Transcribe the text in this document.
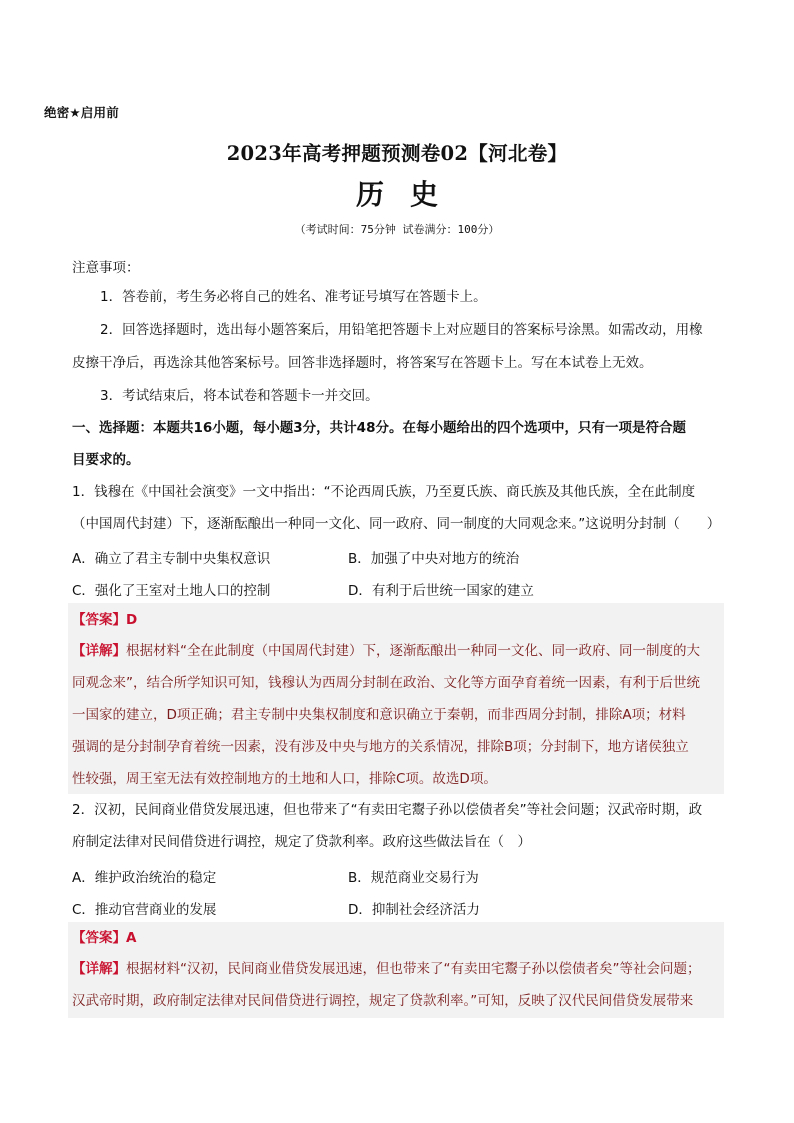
绝密★启用前
2023年高考押题预测卷02【河北卷】
历史
（考试时间：75分钟 试卷满分：100分）
注意事项：
1．答卷前，考生务必将自己的姓名、准考证号填写在答题卡上。
2．回答选择题时，选出每小题答案后，用铅笔把答题卡上对应题目的答案标号涂黑。如需改动，用橡
皮擦干净后，再选涂其他答案标号。回答非选择题时，将答案写在答题卡上。写在本试卷上无效。
3．考试结束后，将本试卷和答题卡一并交回。
一、选择题：本题共16小题，每小题3分，共计48分。在每小题给出的四个选项中，只有一项是符合题
目要求的。
1．钱穆在《中国社会演变》一文中指出：“不论西周氏族，乃至夏氏族、商氏族及其他氏族，全在此制度
（中国周代封建）下，逐渐酝酿出一种同一文化、同一政府、同一制度的大同观念来。”这说明分封制（　　）
A．确立了君主专制中央集权意识	B．加强了中央对地方的统治
C．强化了王室对土地人口的控制	D．有利于后世统一国家的建立
【答案】D
【详解】根据材料“全在此制度（中国周代封建）下，逐渐酝酿出一种同一文化、同一政府、同一制度的大
同观念来”，结合所学知识可知，钱穆认为西周分封制在政治、文化等方面孕育着统一因素，有利于后世统
一国家的建立，D项正确；君主专制中央集权制度和意识确立于秦朝，而非西周分封制，排除A项；材料
强调的是分封制孕育着统一因素，没有涉及中央与地方的关系情况，排除B项；分封制下，地方诸侯独立
性较强，周王室无法有效控制地方的土地和人口，排除C项。故选D项。
2．汉初，民间商业借贷发展迅速，但也带来了“有卖田宅鬻子孙以偿债者矣”等社会问题；汉武帝时期，政
府制定法律对民间借贷进行调控，规定了贷款利率。政府这些做法旨在（　）
A．维护政治统治的稳定	B．规范商业交易行为
C．推动官营商业的发展	D．抑制社会经济活力
【答案】A
【详解】根据材料“汉初，民间商业借贷发展迅速，但也带来了“有卖田宅鬻子孙以偿债者矣”等社会问题；
汉武帝时期，政府制定法律对民间借贷进行调控，规定了贷款利率。”可知，反映了汉代民间借贷发展带来
